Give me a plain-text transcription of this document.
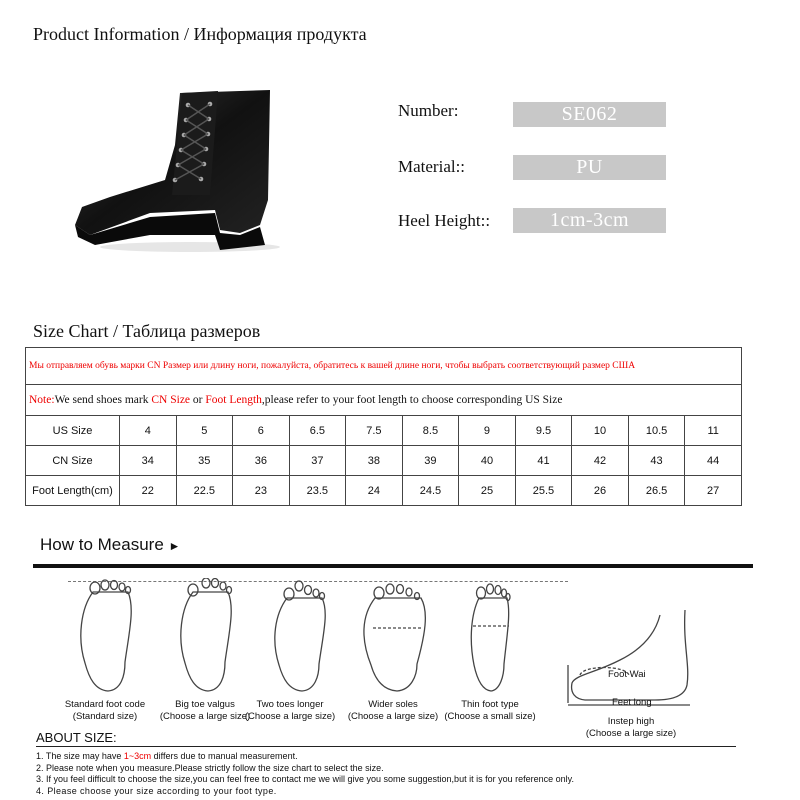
Product Information / Информация продукта
Number:	SE062
Material::	PU
Heel Height::	1cm-3cm
Size Chart / Таблица размеров
Мы отправляем обувь марки CN Размер или длину ноги, пожалуйста, обратитесь к вашей длине ноги, чтобы выбрать соответствующий размер США											
Note:We send shoes mark CN Size or Foot Length,please refer to your foot length to choose corresponding US Size											
US Size	4	5	6	6.5	7.5	8.5	9	9.5	10	10.5	11
CN Size	34	35	36	37	38	39	40	41	42	43	44
Foot Length(cm)	22	22.5	23	23.5	24	24.5	25	25.5	26	26.5	27
How to Measure ►
Foot Wai
Feet long
Standard foot code
(Standard size)
Big toe valgus
(Choose a large size)
Two toes longer
(Choose a large size)
Wider soles
(Choose a large size)
Thin foot type
(Choose a small size)	Instep high
(Choose a large size)
ABOUT SIZE:
1. The size may have 1~3cm differs due to manual measurement.
2. Please note when you measure.Please strictly follow the size chart to select the size.
3. If you feel difficult to choose the size,you can feel free to contact me we will give you some suggestion,but it is for you reference only.
4. Please choose your size according to your foot type.
